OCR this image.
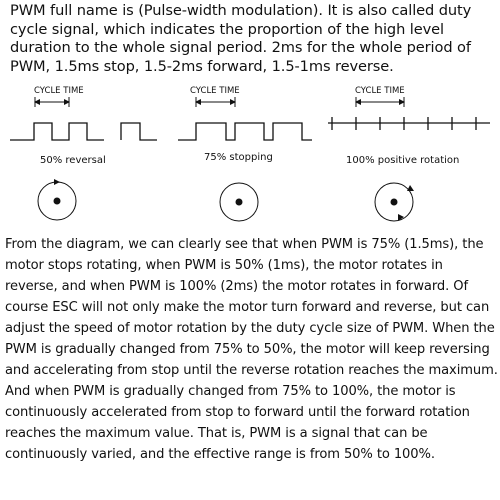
PWM full name is (Pulse-width modulation). It is also called duty cycle signal, which indicates the proportion of the high level duration to the whole signal period. 2ms for the whole period of PWM, 1.5ms stop, 1.5-2ms forward, 1.5-1ms reverse.

CYCLE TIME
50% reversal
CYCLE TIME
75% stopping
CYCLE TIME
100% positive rotation

From the diagram, we can clearly see that when PWM is 75% (1.5ms), the motor stops rotating, when PWM is 50% (1ms), the motor rotates in reverse, and when PWM is 100% (2ms) the motor rotates in forward. Of course ESC will not only make the motor turn forward and reverse, but can adjust the speed of motor rotation by the duty cycle size of PWM. When the PWM is gradually changed from 75% to 50%, the motor will keep reversing and accelerating from stop until the reverse rotation reaches the maximum. And when PWM is gradually changed from 75% to 100%, the motor is continuously accelerated from stop to forward until the forward rotation reaches the maximum value. That is, PWM is a signal that can be continuously varied, and the effective range is from 50% to 100%.
